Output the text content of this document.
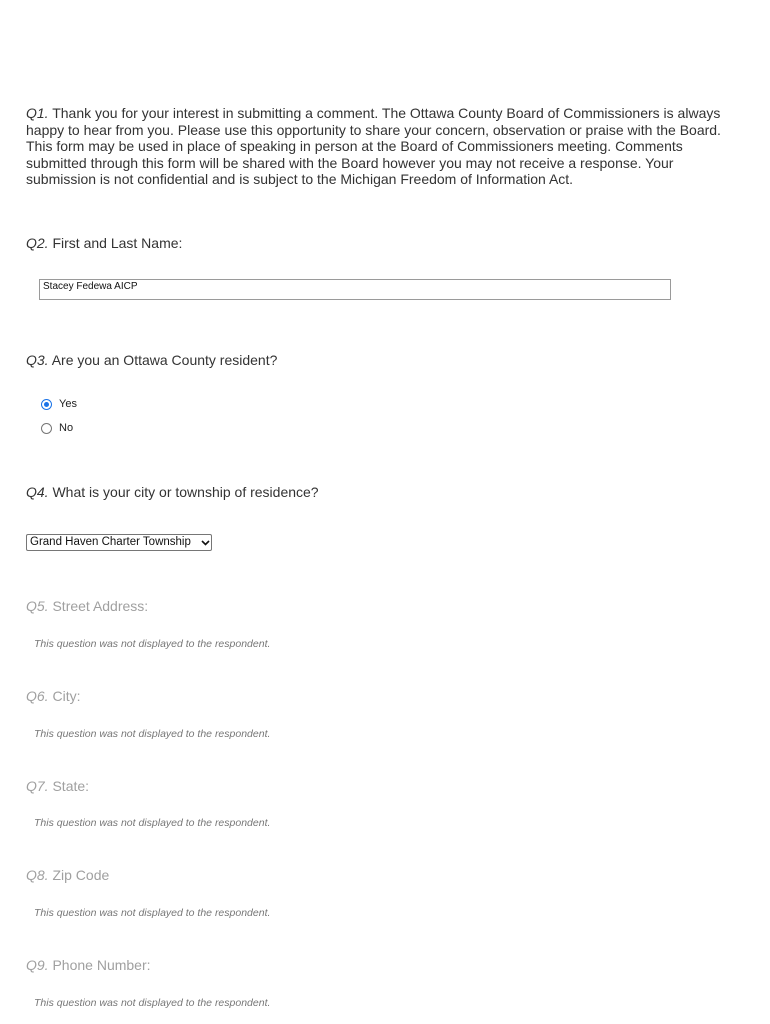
Q1. Thank you for your interest in submitting a comment. The Ottawa County Board of Commissioners is always happy to hear from you. Please use this opportunity to share your concern, observation or praise with the Board. This form may be used in place of speaking in person at the Board of Commissioners meeting. Comments submitted through this form will be shared with the Board however you may not receive a response. Your submission is not confidential and is subject to the Michigan Freedom of Information Act.
Q2. First and Last Name:
Stacey Fedewa AICP
Q3. Are you an Ottawa County resident?
Yes
No
Q4. What is your city or township of residence?
Grand Haven Charter Township
Q5. Street Address:
This question was not displayed to the respondent.
Q6. City:
This question was not displayed to the respondent.
Q7. State:
This question was not displayed to the respondent.
Q8. Zip Code
This question was not displayed to the respondent.
Q9. Phone Number:
This question was not displayed to the respondent.
